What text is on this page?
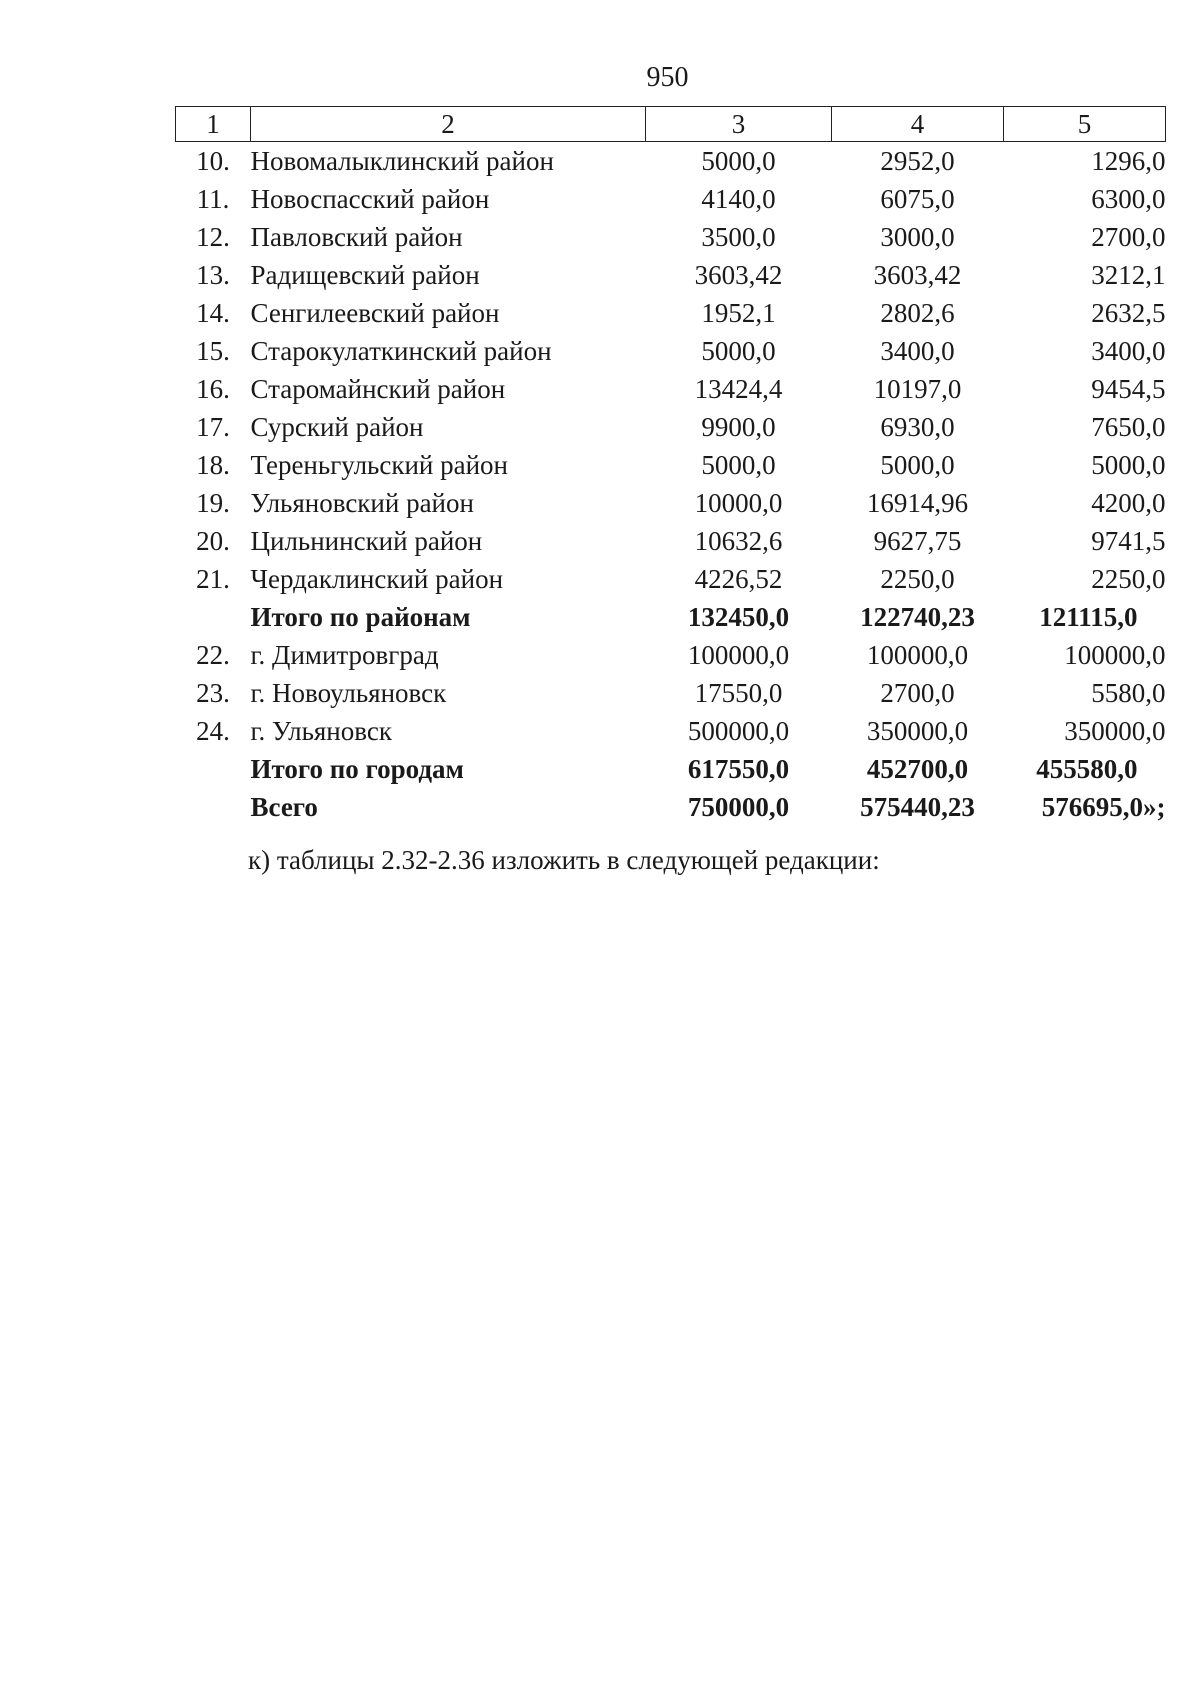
950
1	2	3	4	5
10.	Новомалыклинский район	5000,0	2952,0	1296,0
11.	Новоспасский район	4140,0	6075,0	6300,0
12.	Павловский район	3500,0	3000,0	2700,0
13.	Радищевский район	3603,42	3603,42	3212,1
14.	Сенгилеевский район	1952,1	2802,6	2632,5
15.	Старокулаткинский район	5000,0	3400,0	3400,0
16.	Старомайнский район	13424,4	10197,0	9454,5
17.	Сурский район	9900,0	6930,0	7650,0
18.	Тереньгульский район	5000,0	5000,0	5000,0
19.	Ульяновский район	10000,0	16914,96	4200,0
20.	Цильнинский район	10632,6	9627,75	9741,5
21.	Чердаклинский район	4226,52	2250,0	2250,0
	Итого по районам	132450,0	122740,23	121115,0
22.	г. Димитровград	100000,0	100000,0	100000,0
23.	г. Новоульяновск	17550,0	2700,0	5580,0
24.	г. Ульяновск	500000,0	350000,0	350000,0
	Итого по городам	617550,0	452700,0	455580,0
	Всего	750000,0	575440,23	576695,0»;
к) таблицы 2.32-2.36 изложить в следующей редакции:
